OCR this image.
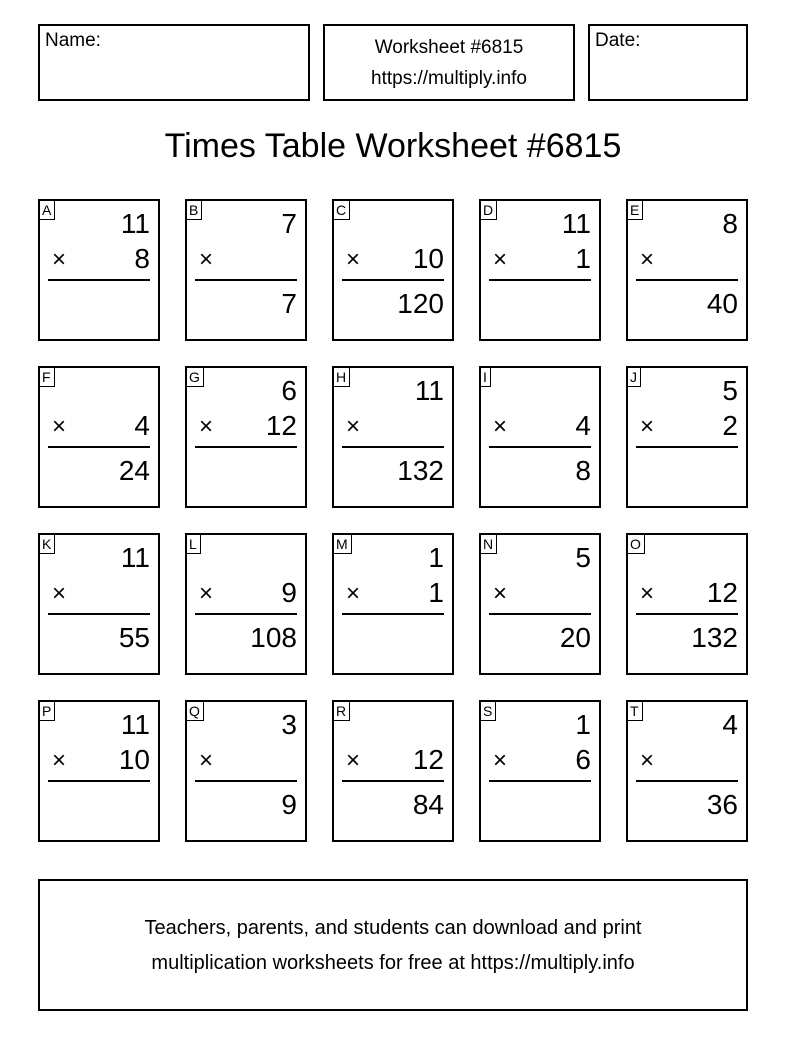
Name:	Worksheet #6815
https://multiply.info
Date:
Times Table Worksheet #6815
A 11
× 8
B	7
×
7
C
× 10
120
D 11
× 1
E	8
×
40
F
× 4
24
G	6
× 12
H 11
×
132
I
× 4
8
J	5
× 2
K 11
×
55
L
× 9
108
M	1
× 1
N	5
×
20
O
× 12
132
P 11
× 10
Q	3
×
9
R
× 12
84
S	1
× 6
T	4
×
36
Teachers, parents, and students can download and print
multiplication worksheets for free at https://multiply.info
